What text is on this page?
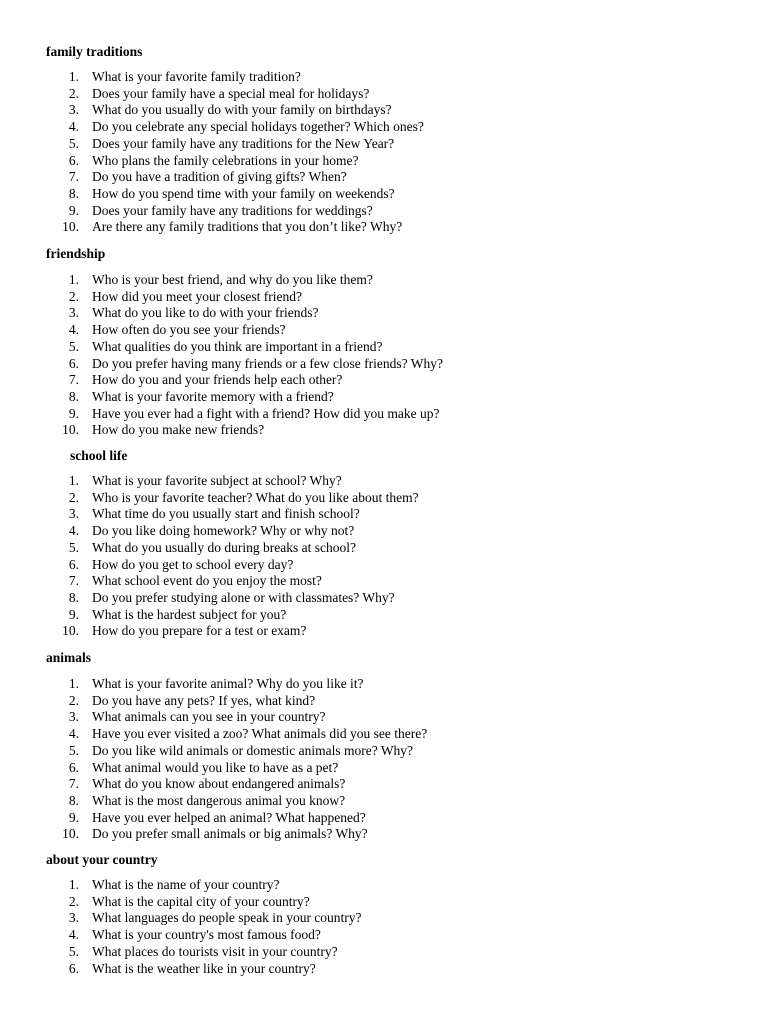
family traditions
1. What is your favorite family tradition?
2. Does your family have a special meal for holidays?
3. What do you usually do with your family on birthdays?
4. Do you celebrate any special holidays together? Which ones?
5. Does your family have any traditions for the New Year?
6. Who plans the family celebrations in your home?
7. Do you have a tradition of giving gifts? When?
8. How do you spend time with your family on weekends?
9. Does your family have any traditions for weddings?
10. Are there any family traditions that you don’t like? Why?
friendship
1. Who is your best friend, and why do you like them?
2. How did you meet your closest friend?
3. What do you like to do with your friends?
4. How often do you see your friends?
5. What qualities do you think are important in a friend?
6. Do you prefer having many friends or a few close friends? Why?
7. How do you and your friends help each other?
8. What is your favorite memory with a friend?
9. Have you ever had a fight with a friend? How did you make up?
10. How do you make new friends?
school life
1. What is your favorite subject at school? Why?
2. Who is your favorite teacher? What do you like about them?
3. What time do you usually start and finish school?
4. Do you like doing homework? Why or why not?
5. What do you usually do during breaks at school?
6. How do you get to school every day?
7. What school event do you enjoy the most?
8. Do you prefer studying alone or with classmates? Why?
9. What is the hardest subject for you?
10. How do you prepare for a test or exam?
animals
1. What is your favorite animal? Why do you like it?
2. Do you have any pets? If yes, what kind?
3. What animals can you see in your country?
4. Have you ever visited a zoo? What animals did you see there?
5. Do you like wild animals or domestic animals more? Why?
6. What animal would you like to have as a pet?
7. What do you know about endangered animals?
8. What is the most dangerous animal you know?
9. Have you ever helped an animal? What happened?
10. Do you prefer small animals or big animals? Why?
about your country
1. What is the name of your country?
2. What is the capital city of your country?
3. What languages do people speak in your country?
4. What is your country's most famous food?
5. What places do tourists visit in your country?
6. What is the weather like in your country?
